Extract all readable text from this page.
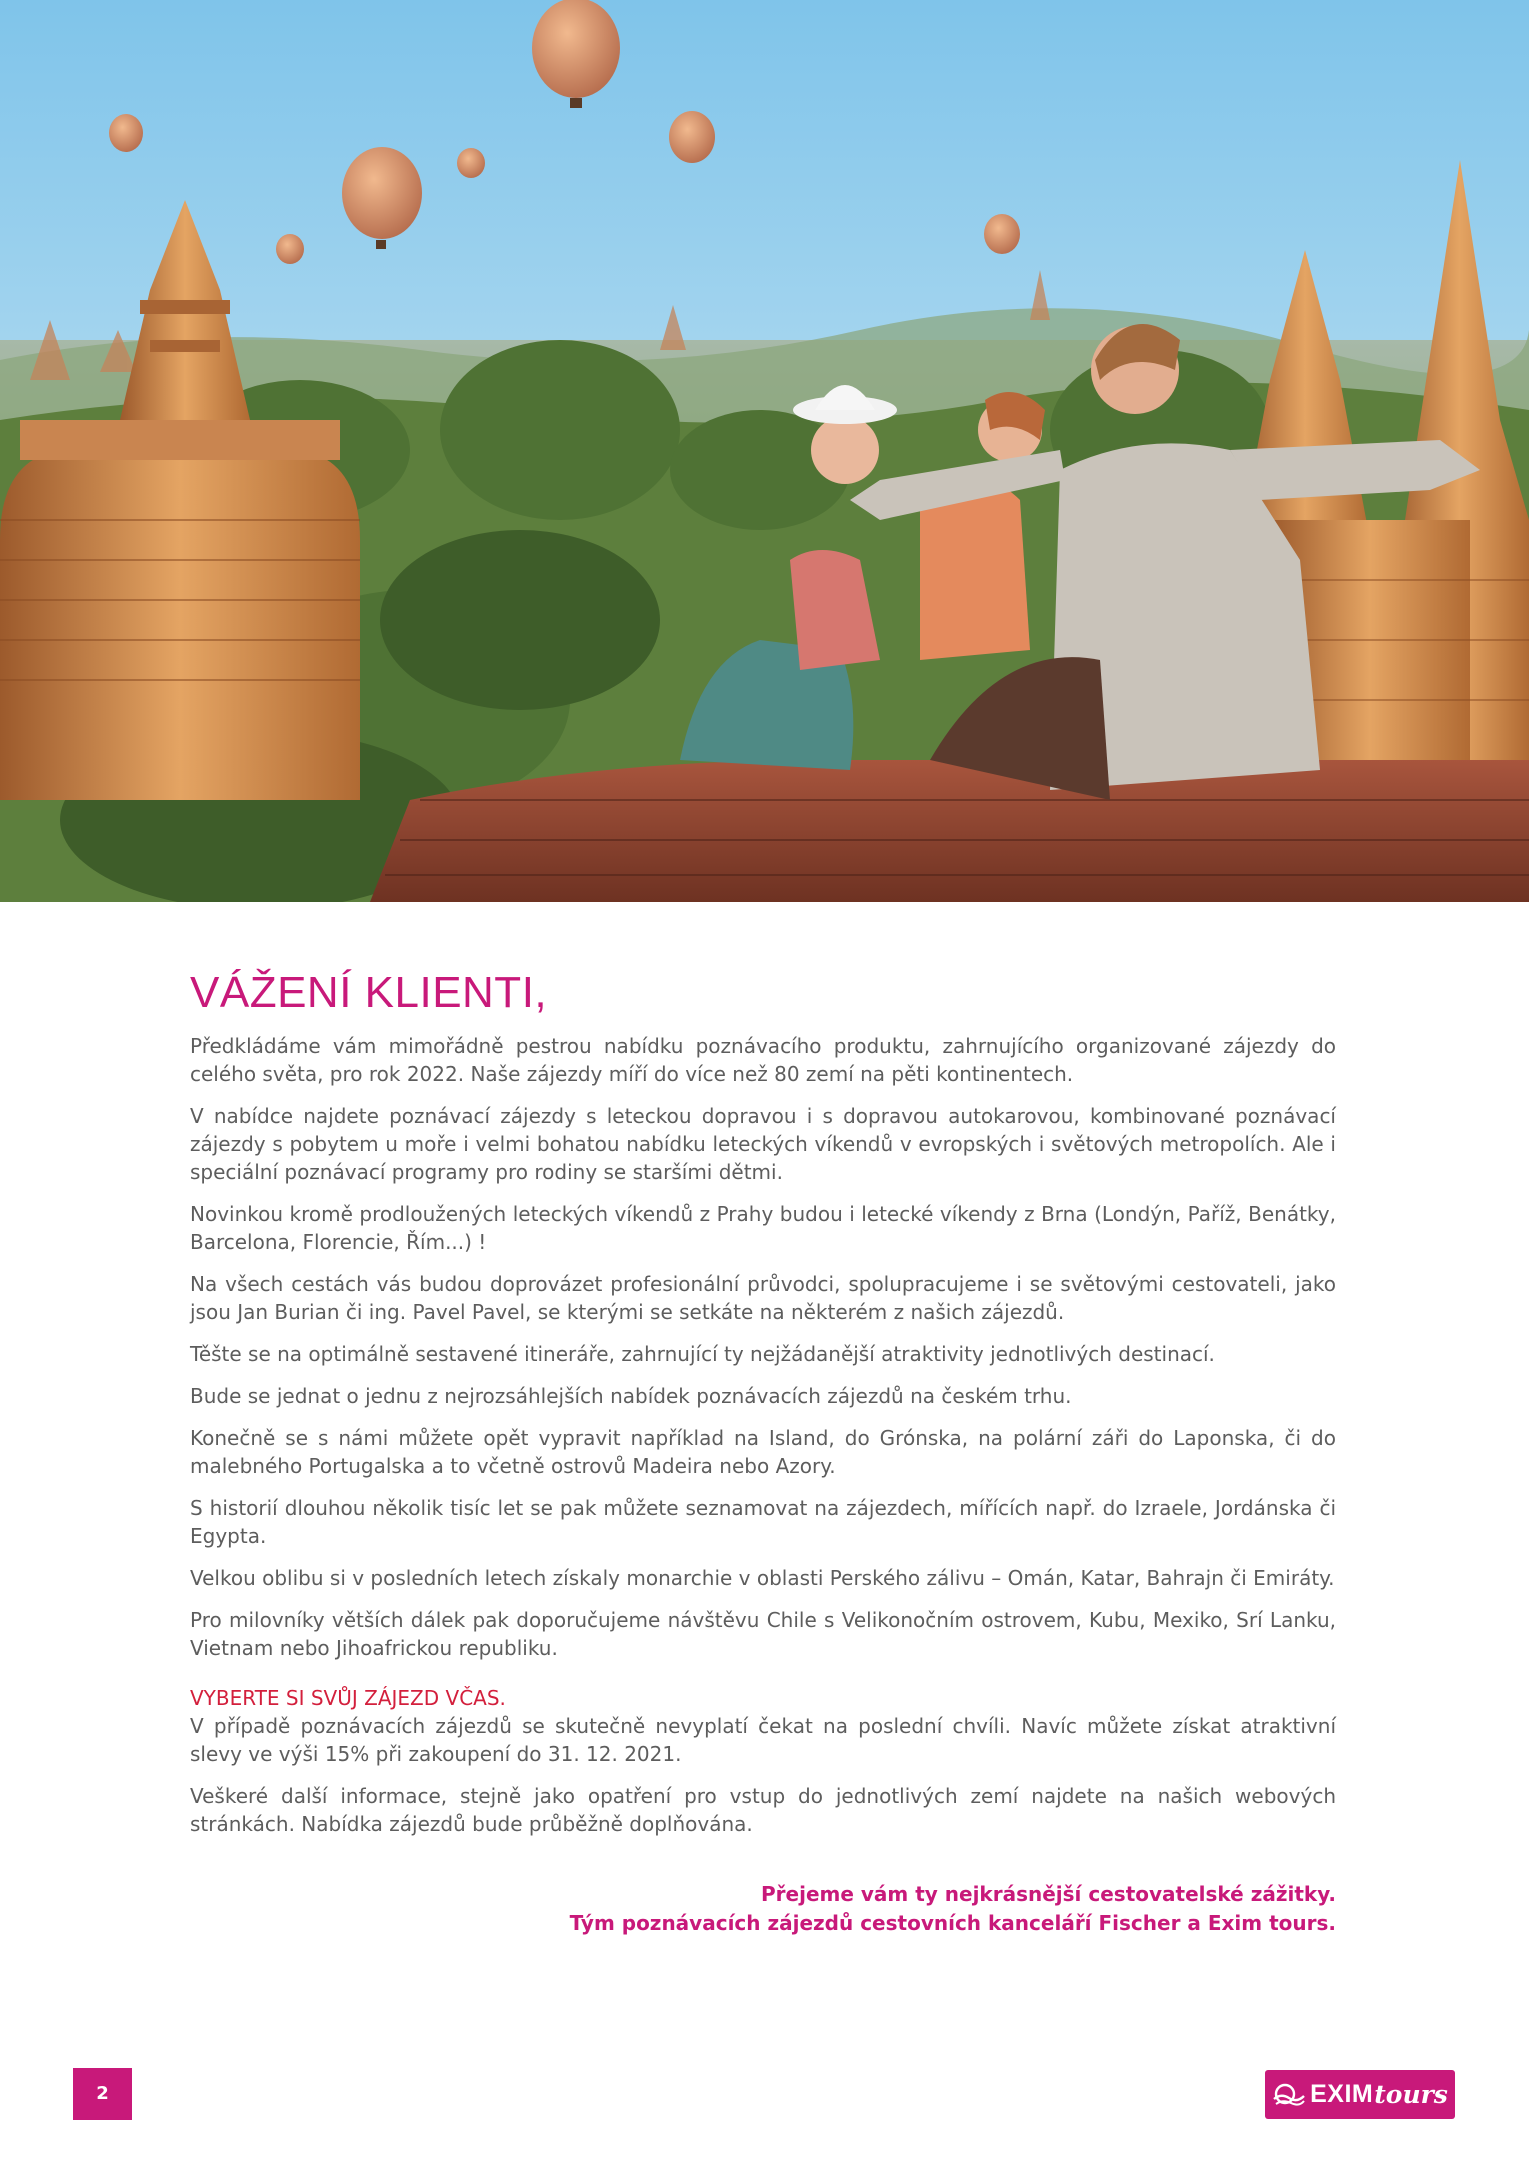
VÁŽENÍ KLIENTI,

Předkládáme vám mimořádně pestrou nabídku poznávacího produktu, zahrnujícího organizované zájezdy do celého světa, pro rok 2022. Naše zájezdy míří do více než 80 zemí na pěti kontinentech.

V nabídce najdete poznávací zájezdy s leteckou dopravou i s dopravou autokarovou, kombinované poznávací zájezdy s pobytem u moře i velmi bohatou nabídku leteckých víkendů v evropských i světových metropolích. Ale i speciální poznávací programy pro rodiny se staršími dětmi.

Novinkou kromě prodloužených leteckých víkendů z Prahy budou i letecké víkendy z Brna (Londýn, Paříž, Benátky, Barcelona, Florencie, Řím...) !

Na všech cestách vás budou doprovázet profesionální průvodci, spolupracujeme i se světovými cestovateli, jako jsou Jan Burian či ing. Pavel Pavel, se kterými se setkáte na některém z našich zájezdů.

Těšte se na optimálně sestavené itineráře, zahrnující ty nejžádanější atraktivity jednotlivých destinací.

Bude se jednat o jednu z nejrozsáhlejších nabídek poznávacích zájezdů na českém trhu.

Konečně se s námi můžete opět vypravit například na Island, do Grónska, na polární záři do Laponska, či do malebného Portugalska a to včetně ostrovů Madeira nebo Azory.

S historií dlouhou několik tisíc let se pak můžete seznamovat na zájezdech, mířících např. do Izraele, Jordánska či Egypta.

Velkou oblibu si v posledních letech získaly monarchie v oblasti Perského zálivu – Omán, Katar, Bahrajn či Emiráty.

Pro milovníky větších dálek pak doporučujeme návštěvu Chile s Velikonočním ostrovem, Kubu, Mexiko, Srí Lanku, Vietnam nebo Jihoafrickou republiku.

VYBERTE SI SVŮJ ZÁJEZD VČAS.

V případě poznávacích zájezdů se skutečně nevyplatí čekat na poslední chvíli. Navíc můžete získat atraktivní slevy ve výši 15% při zakoupení do 31. 12. 2021.

Veškeré další informace, stejně jako opatření pro vstup do jednotlivých zemí najdete na našich webových stránkách. Nabídka zájezdů bude průběžně doplňována.

Přejeme vám ty nejkrásnější cestovatelské zážitky.
Tým poznávacích zájezdů cestovních kanceláří Fischer a Exim tours.
2	EXIM tours
